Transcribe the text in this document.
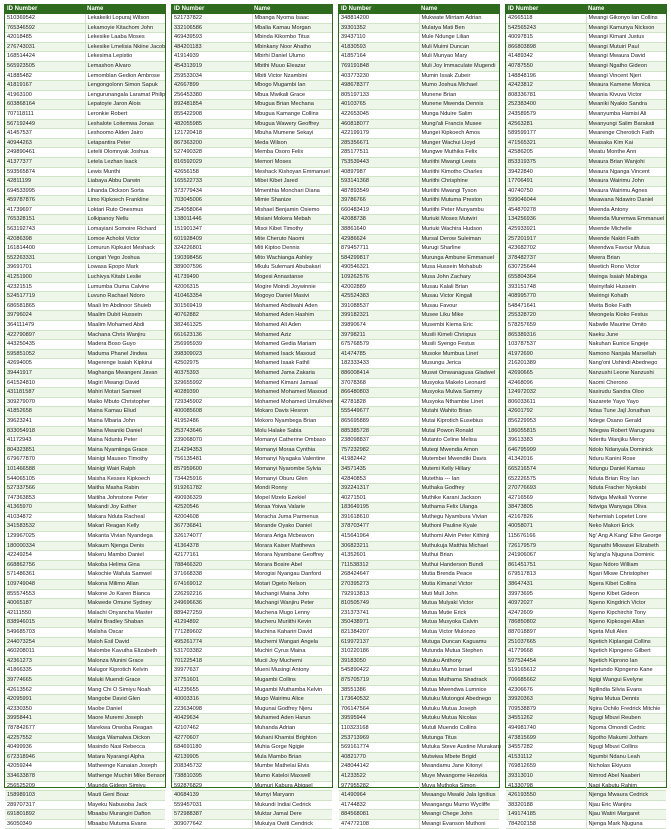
ID Number	Name
510369542	Lekakeiki Lopuraj Wilson
765346592	Lekamoyie Kitachom John
42018485	Lekesike Laaba Moses
276743031	Lekesike Lmelisia Nkiine Jacob
168514424	Lekesima Lepistio
565923505	Lemashon Alvaro
41885482	Lemomblan Gedion Ambrose
41819167	Lengongolonn Simon Sapuk
41963100	Lengurunangala Laramat Philip
603868164	Lepatoyie Jaron Alois
707118111	Leronkie Robert
567192449	Leshalote Loitemwa Jonas
41457537	Leshoomo Alden Jairo
40944263	Letapantira Peter
249890461	Letelii Olomnyak Joshua
41377377	Letela Lezhan Isack
593565874	Lewis Munthi
42811199	Liabaya Abbu Darwin
694533995	Lihanda Dickson Sorta
459787876	Limo Kipkoech Frankline
41739697	Loktari Ruto Onesmus
765328151	Lolkipanoy Nellu
563192743	Lomayiani Somoire Richard
42086398	Lomoe Acholoi Victor
161814400	Lomurun Kipkuiot Meshack
552263331	Longari Yego Joshua
39691701	Lowasa Epopo Mark
41251900	Luchivya Kitabi Leslie
42321515	Lumumba Ouma Calvine
524517719	Luvuno Rachael Ndoro
686581865	Maali Im Abdinoor Shuieb
39796024	Maalim Dubit Hussein
364111479	Maalim Mohamed Abdi
422790897	Machana Chris Wanjiru
443250435	Madera Boso Guyo
595851052	Maduma Phanel Jindwa
42694005	Magerenge Isaiah Kipkirui
39441917	Maghanga Mwangeni Javan
641524810	Magiri Mwangi David
431181587	Mahiri Motari Samwel
309279070	Maiko Mbuto Christopher
41852658	Maina Kamau Eliud
39623241	Maina Mbaria John
833054918	Maina Mwaniki Daniel
41172943	Maina Nduntu Peter
804323851	Maina Nyamiinga Grace
679677870	Mainigi Mauseo Timothy
101466588	Mainigi Wairi Ralph
544065105	Maisha Kesses Kipkoech
527337566	Maitha Masha Rabin
747363853	Maitiha Johnstone Peter
41365970	Makandi Joy Esther
41034872	Makara Nduta Racheal
341583532	Makari Reagan Kelly
129967025	Makanta Vivian Nyandega
180000334	Makaum Njenga Denis
42249254	Makeru Mambo Daniel
668862756	Makoba Helima Gina
571486361	Makochie Wafula Samwel
109749048	Makona Milimo Allan
855574553	Makone Jo Karen Bianca
40065187	Makwede Omune Sydney
42111550	Malachi Onyancha Master
838946015	Malini Bradley Shaban
549685703	Malisha Oscar
244073254	Maloh Esil David
460208011	Malombe Kavutha Elizabeth
42361273	Malonza Munini Grace
41866335	Malugor Kiprotich Kelvin
39774665	Maluki Muendi Grace
42613562	Mang Chi O Simiyu Noah
42095991	Mangobe David Glen
42330350	Maobe Daniel
39958441	Maore Muremi Joseph
787842677	Marekwa Orwoba Reagan
42257552	Masiga Wamalwa Dickon
40499936	Masindo Nasi Rebecca
672318946	Matara Nyarangi Alpha
42059244	Matheenge Kanaian Joseph
334633878	Mathenge Muchiri Mike Benson
256525209	Maunda Gideon Simiyu
158989103	Mauti Geni Boaz
289707317	Mayeku Nabusoba Jack
691801892	Mbaabu Murangiri Dafton
36050349	Mbaabu Mutuma Evans
ID Number	Name
521737822	Mbanga Nyoma Isaac
332106586	Mbalia Kamau Morgan
469439593	Mbinda Kikombo Titus
484201183	Mbinkany Noor Ahatho
41914939	Mbirhi Daniel Ulumo
454313919	Mbithi Muuo Eleazar
259533034	Mbiti Victor Nzambini
42667899	Mbogo Mugambi Ian
256453380	Mbua Mwikali Grace
892481854	Mbugua Brian Mechana
855422908	Mbugua Kamange Collins
482055985	Mbugua Wawery Geoffrey
121720418	Mbuha Mumene Sekayi
867363200	Meda Wilson
527490328	Memba Osoro Felix
816592029	Memori Moses
42656158	Meshack Kishoyan Emmanuel
165522733	Mibei Kibet Jared
373779434	Mmenthia Monchari Diana
703045006	Mimie Shanize
254058064	Mishael Benjamin Osiemo
138011446	Misiani Mokera Mebah
151901347	Misoi Kibet Timothy
601928409	Mite Cheruto Naomi
324226801	Miti Kiptoo Dennis
190398456	Mito Wachianga Ashley
389007596	Mkulu Sulemani Abubakari
41739490	Mogesi Annastanse
42006315	Mogire Moindi Joywinnie
410463354	Mogoyo Daniel Masivi
301569419	Mohamed Abdiwahi Aden
40762882	Mohamed Aden Hashim
382461325	Mohamed Ali Aden
661623136	Mohamed Aziz
256995939	Mohamed Gedia Mariam
398309023	Mohamed Isack Masoud
42502975	Mohamed Isaak Fathil
40375393	Mohamed Jama Zakaria
329655992	Mohamed Kimani Jamaal
40289390	Mohamed Mohamed Masoud
729345902	Mohamed Mohamed Umulkheir
400085608	Mokaro Davis Hesron
41952486	Mokoro Nyambega Brian
253743646	Molu Halake Sabia
239068070	Momanyi Catherine Ombaso
214294353	Momanyi Moraa Cynthia
756135481	Momanyi Nyagaka Valentine
857959600	Momanyi Nyarombe Sylvia
734425916	Momanyi Oburu Glen
919261782	Mondi Ronny
490936329	Mopel Mzelo Ezekiel
42520546	Moraa Yoiwa Valarie
42004608	Moracha Juma Parmenus
367736841	Morande Oyako Daniel
326174077	Morara Ariga Mcbeavon
41364378	Morara Kaiser Matthews
42177161	Morara Nyambane Geoffrey
788466320	Morara Bosire Abel
371668338	Morogisi Nyangau Danford
674169012	Motari Ogeto Nelson
226292216	Muchangi Maina John
249696636	Muchangi Wanjiru Peter
889427259	Muchena Mugo Lenny
41294892	Mucheru Muriithi Kevin
771289602	Muchina Kahariri David
495261774	Muchemi Wangari Angela
531703382	Muchiri Cyrus Maina
701225418	Mucii Joy Muchemi
39977637	Mueni Musingi Antony
37751601	Mugambi Collins
41235655	Mugambi Muthamba Kelvin
40003316	Mugo Wairimu Alice
223634098	Mugunai Godfrey Njeru
40429634	Muhamed Aden Harun
42107462	Muhanda Adrian
42770607	Muhani Khamisi Brighton
684691180	Muhia Gorge Ngigie
42139905	Mula Mambo Brian
208345732	Mumbe Mathelai Elvis
738810395	Mumo Kateloi Maxwell
592876829	Mumuri Kabura Abigael
40684139	Mumyi Maryann
559457031	Mukundi Indiai Cedrick
572988387	Muktar Jamal Dere
309077642	Mukuiya Owiti Cendrick
ID Number	Name
348814200	Mukwate Mirriam Adrian
39301352	Mulatya Mati Ben
39437110	Mule Ndunge Lilian
41830593	Muli Muimi Duncan
41857164	Muli Munyao Mary
769191848	Muli Joy Immaculate Mugendi
403773230	Mumin Issak Zubeir
498678377	Mumo Joshua Michael
805197133	Munene Brian
40103765	Munene Mwenda Dennis
422653045	Munga Nduire Salim
460818077	Mungi'ali Francis Musee
422199179	Mungei Kipkoech Amos
285356671	Munger Wachui Lloyd
285177511	Mungwe Muthika Felix
753539443	Muriithi Mwangi Lewis
40897987	Muriithi Kimotho Charles
593141368	Muriithi Chrisphine
487893549	Muriithi Mwangi Tyson
39786766	Muriithi Mutuma Preston
660483419	Muriithi Peter Munyambu
42088738	Muriuki Moses Mutwiri
38861640	Muriuki Wachira Hudson
42986624	Mursal Derow Suleiman
879457711	Murugi Sharline
584299817	Murunga Ambune Emmanuel
490546321	Musa Hussein Mohabub
109262576	Musa John Zachary
42002889	Musau Kalali Brian
425524383	Musau Victor Kingali
391088537	Musau Favour
399182321	Musee Liku Mike
39890674	Musembi Kiema Eric
39798211	Musili Kimeli Chrispus
675768579	Musili Syengo Festus
41474785	Musoke Mumbua Linet
182333433	Musungu Jerica
886008414	Muswi Omwanagusa Gladwel
37078368	Musyoka Makelo Leonard
866480803	Musyoka Mulwa Sammy
42781828	Musyoka Nthambie Linet
555449677	Mutahi Wahito Brian
865695889	Mutai Kiprotich Eusebius
885385728	Mutai Powon Ronald
238098837	Mutanto Celine Melisa
757232982	Muteqi Mwendia Amon
41982442	Mutembei Mwendiki Davis
34571435	Mutemi Kelly Hillary
42840853	Mutethia --- Ian
392241317	Muthaka Godfrey
40271501	Muthike Karani Jackson
183649195	Muthama Felix Ulanga
391618610	Muthegu Nyambura Vivian
378703477	Muthoni Pauline Kyale
415641964	Muthomi Alvin Peter Kithinji
306823211	Muthukuja Matthia Michael
41352601	Muthui Brian
711538312	Muthui Handerson Bundi
268424647	Mutia Brenda Peace
270395273	Mutia Kimanzi Victor
792913813	Muti Mull John
810505749	Mutua Mulyaki Victor
231373741	Mutua Mutie Erick
350438971	Mutua Musyoka Calvin
821384207	Mutua Victor Mulonzo
619972137	Mutuga Duncan Kaguamu
310220186	Mutunda Mutua Stephen
39183050	Mutuku Anthony
545890422	Mutuku Mumo Israel
875705719	Mutua Muthama Shadrack
38551386	Mutua Mwendwa Lumnice
173640532	Mutuku Mutongoi Abednego
706147564	Mutuku Mutua Joseph
39595944	Mutuku Mutua Nicolas
110323168	Mutuli Muendo Collins
253713969	Mutunga Titus
569161774	Mutuka Steve Austine Murakaru
40821770	Mutwiwa Mbete Brigid
248044142	Mwandamu Jane Kitonyi
41233522	Muye Mwangome Hezekia
977955282	Muya Muthoka Simon
41490964	Mwaangu Mwaiki Jala Ignitius
41744832	Mwangangu Mumo Wycliffe
884568081	Mwangi Chege John
474772108	Mwangi Evanson Muthoni
ID Number	Name
42665118	Mwangi Gikonyo Ian Collins
542565243	Mwangi Kamunya Nickson
40097815	Mwangi Kimani Justus
866803898	Mwangi Mutuiri Paul
41489342	Mwangi Mwaura David
40787550	Mwangi Ngatho Gideon
148848196	Mwangi Vincent Njeri
42423812	Mwaura Kamene Monica
808336781	Mwania Kivuva Victor
252383400	Mwaniki Nyakio Sandra
243589579	Mwanyumba Hamisi Ali
42563281	Mwanyungi Salim Barakati
589599177	Mwarenge Cherotich Faith
471565321	Mwasaka Kim Kai
42586205	Mwatu Monthe Ann
853319375	Mwaura Brian Wanjohi
39422840	Mwaura Nganga Vincent
17706491	Mwaura Wairimu John
40740750	Mwaura Wairimu Agnes
599046044	Mwawana Ndawiro Daniel
454870278	Mwenda Antony
134256936	Mwenda Muremwa Emmanuel
425933921	Mwende Michelle
257201917	Mwende Nakiri Faith
423682702	Mwendwa Favour Mutua
378482737	Mwera Brian
630725644	Mwetich Rono Victor
655804364	Mwinga Isaiah Mabinga
393151748	Mwinyifaki Hussein
408995770	Mwiringi Kohath
548471641	Mwita Boke Faith
255328720	Mwongela Kioko Festus
578257659	Nabwile Maurine Omito
865389316	Naeku June
103787537	Nakuhan Eunice Engeje
41972690	Namono Nanjala Marsellah
216201389	Nang'oni Ushindi Abednego
42690665	Nanzushi Leone Nanzushi
42468096	Naomi Cherono
124972032	Nasirudu Sandra Oloo
806033611	Nazarete Yayo Yayo
42601792	Ndaa Tune Jajl Jonathan
856229953	Ndege Osano Gerald
186055815	Ndegwa Robert Warugunu
39613383	Nderitu Wanjiku Mercy
646795999	Ndolo Ndanyala Dominick
41342016	Nduru Kanini Rose
665216574	Ndungu Daniel Kamau
652226575	Nduta Brian Roy Ian
270776693	Nduta Fracher Nyokabi
42716569	Ndwiga Mwikali Yvonne
38473805	Ndwiga Wanyaga Oliva
42167826	Nehemiah Lopetet Lore
40058071	Neko Makori Erick
115676166	Ng' Ang A Kang' Ethe George
726179579	Nganathi Mkwasei Elizabeth
241906067	Ng'ang'a Njuguna Dominic
861451751	Ngao Ndoro William
679517813	Ngari Mkwe Christopher
38647431	Ngera Kibet Collins
39973695	Ngeno Kibet Gideon
40972027	Ngeno Kingdrich Victor
42472609	Ngeno Kipchirchir Tony
786850802	Ngeno Kipkosgei Allan
887018897	Ngeta Muli Alex
251037665	Ngetich Kiplangat Collins
41779668	Ngetich Kipngeno Gilbert
597524454	Ngetich Kiprono Ian
519165612	Ngetundo Kipngeno Kane
706685662	Ngigi Wangui Evelyne
42306676	Ngilindia Silvia Evans
39920363	Ngina Mutua Dennis
709538879	Ngira Ochilo Fredrick Mitchie
34551262	Ngugi Mbuvi Reuben
494981740	Ngoma Omondi Cedric
473815699	Ngotho Makumi Jotham
34557282	Ngugi Mbuvi Collins
41531112	Ngumbi Ndanu Leah
769812659	Nicholas Ekiyuos
39313010	Nimrod Abel Naaberi
41330798	Nagi Kabutu Rahim
426193550	Njenga Mwaura Cedrick
38320188	Njau Eric Wanjiru
149174185	Njau Watiri Margaret
784202158	Njenga Mark Njuguna
